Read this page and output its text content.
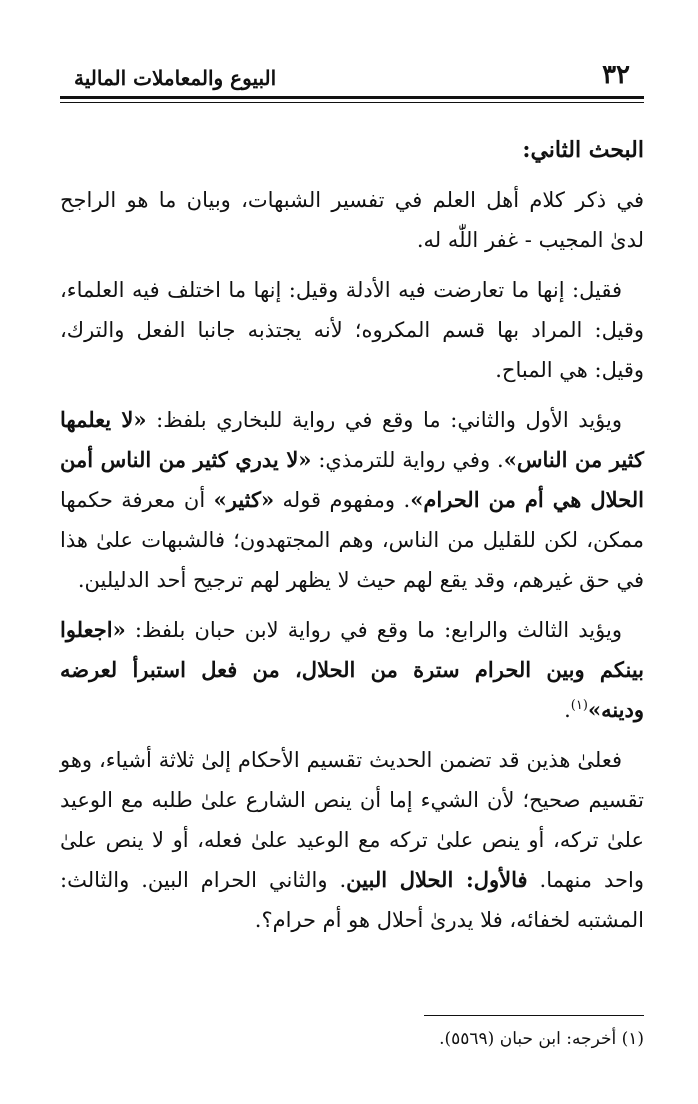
٣٢
البيوع والمعاملات المالية

البحث الثاني:

في ذكر كلام أهل العلم في تفسير الشبهات، وبيان ما هو الراجح لدىٰ المجيب - غفر اللّٰه له.

فقيل: إنها ما تعارضت فيه الأدلة وقيل: إنها ما اختلف فيه العلماء، وقيل: المراد بها قسم المكروه؛ لأنه يجتذبه جانبا الفعل والترك، وقيل: هي المباح.

ويؤيد الأول والثاني: ما وقع في رواية للبخاري بلفظ: «لا يعلمها كثير من الناس». وفي رواية للترمذي: «لا يدري كثير من الناس أمن الحلال هي أم من الحرام». ومفهوم قوله «كثير» أن معرفة حكمها ممكن، لكن للقليل من الناس، وهم المجتهدون؛ فالشبهات علىٰ هذا في حق غيرهم، وقد يقع لهم حيث لا يظهر لهم ترجيح أحد الدليلين.

ويؤيد الثالث والرابع: ما وقع في رواية لابن حبان بلفظ: «اجعلوا بينكم وبين الحرام سترة من الحلال، من فعل استبرأ لعرضه ودينه»$^{(١)}$.

فعلىٰ هذين قد تضمن الحديث تقسيم الأحكام إلىٰ ثلاثة أشياء، وهو تقسيم صحيح؛ لأن الشيء إما أن ينص الشارع علىٰ طلبه مع الوعيد علىٰ تركه، أو ينص علىٰ تركه مع الوعيد علىٰ فعله، أو لا ينص علىٰ واحد منهما. فالأول: الحلال البين. والثاني الحرام البين. والثالث: المشتبه لخفائه، فلا يدرىٰ أحلال هو أم حرام؟.

(١) أخرجه: ابن حبان (٥٥٦٩).
